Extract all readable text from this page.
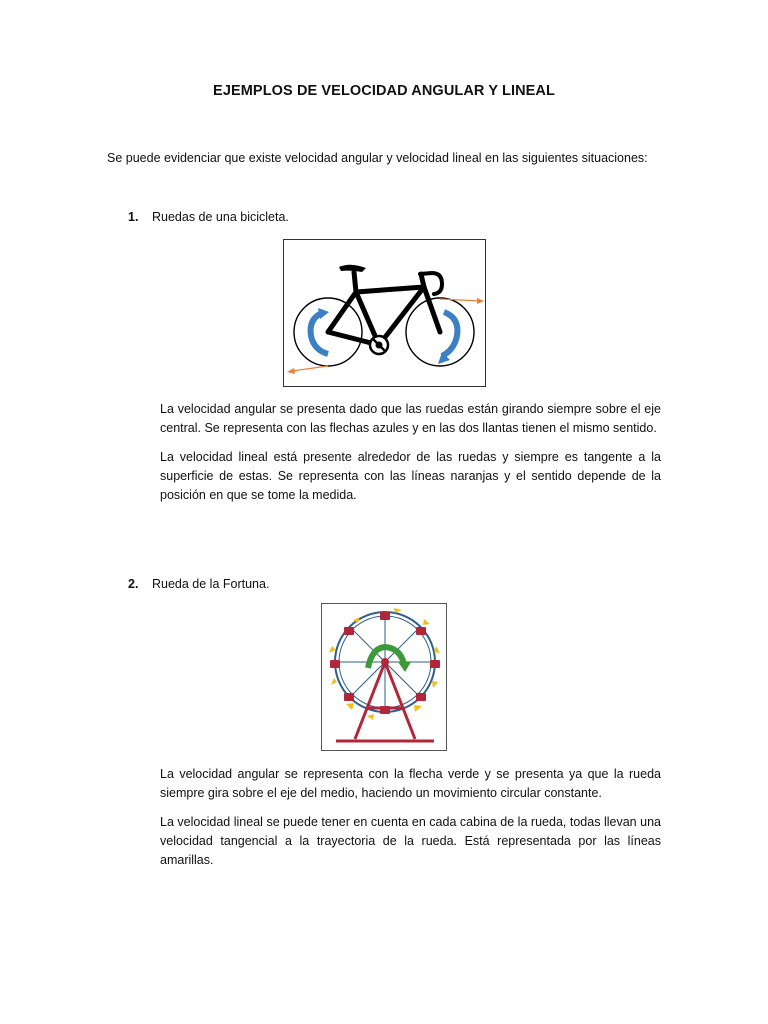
EJEMPLOS DE VELOCIDAD ANGULAR Y LINEAL
Se puede evidenciar que existe velocidad angular y velocidad lineal en las siguientes situaciones:
1. Ruedas de una bicicleta.

La velocidad angular se presenta dado que las ruedas están girando siempre sobre el eje central. Se representa con las flechas azules y en las dos llantas tienen el mismo sentido.

La velocidad lineal está presente alrededor de las ruedas y siempre es tangente a la superficie de estas. Se representa con las líneas naranjas y el sentido depende de la posición en que se tome la medida.

2. Rueda de la Fortuna.

La velocidad angular se representa con la flecha verde y se presenta ya que la rueda siempre gira sobre el eje del medio, haciendo un movimiento circular constante.

La velocidad lineal se puede tener en cuenta en cada cabina de la rueda, todas llevan una velocidad tangencial a la trayectoria de la rueda. Está representada por las líneas amarillas.
